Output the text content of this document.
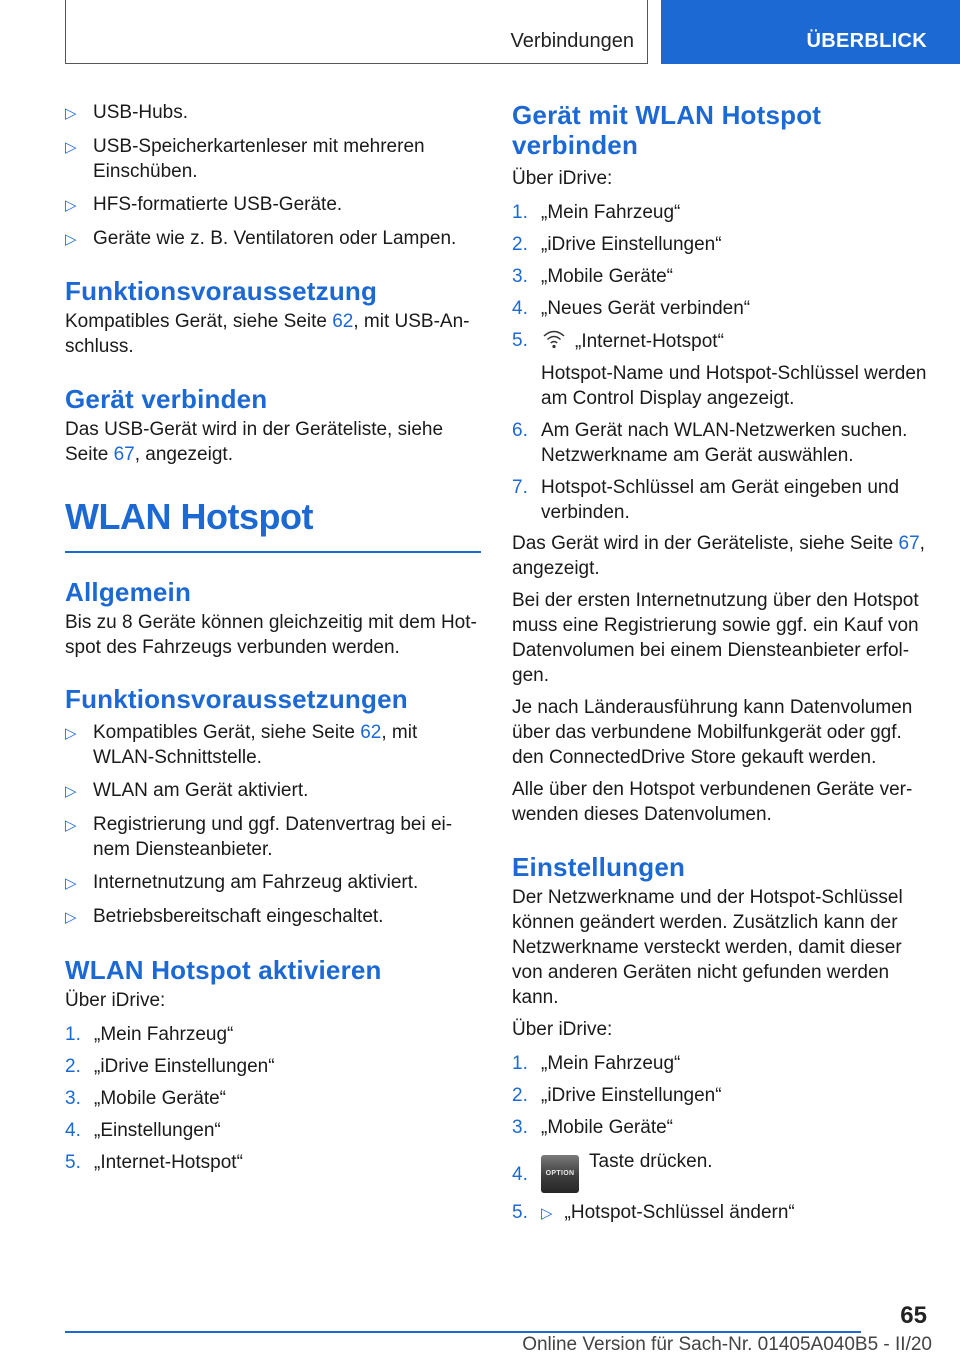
Verbindungen	ÜBERBLICK
▷ USB-Hubs.
▷ USB-Speicherkartenleser mit mehreren Einschüben.
▷ HFS-formatierte USB-Geräte.
▷ Geräte wie z. B. Ventilatoren oder Lampen.
Funktionsvoraussetzung

Kompatibles Gerät, siehe Seite 62, mit USB-Anschluss.

Gerät verbinden

Das USB-Gerät wird in der Geräteliste, siehe Seite 67, angezeigt.

WLAN Hotspot
Allgemein

Bis zu 8 Geräte können gleichzeitig mit dem Hotspot des Fahrzeugs verbunden werden.

Funktionsvoraussetzungen
▷ Kompatibles Gerät, siehe Seite 62, mit WLAN-Schnittstelle.
▷ WLAN am Gerät aktiviert.
▷ Registrierung und ggf. Datenvertrag bei einem Diensteanbieter.
▷ Internetnutzung am Fahrzeug aktiviert.
▷ Betriebsbereitschaft eingeschaltet.
WLAN Hotspot aktivieren

Über iDrive:

1. „Mein Fahrzeug“
2. „iDrive Einstellungen“
3. „Mobile Geräte“
4. „Einstellungen“
5. „Internet-Hotspot“
Gerät mit WLAN Hotspot verbinden

Über iDrive:

1. „Mein Fahrzeug“
2. „iDrive Einstellungen“
3. „Mobile Geräte“
4. „Neues Gerät verbinden“
5.	„Internet-Hotspot“
Hotspot-Name und Hotspot-Schlüssel werden am Control Display angezeigt.
6. Am Gerät nach WLAN-Netzwerken suchen.
Netzwerkname am Gerät auswählen.
7. Hotspot-Schlüssel am Gerät eingeben und verbinden.

Das Gerät wird in der Geräteliste, siehe Seite 67, angezeigt.

Bei der ersten Internetnutzung über den Hotspot muss eine Registrierung sowie ggf. ein Kauf von Datenvolumen bei einem Diensteanbieter erfolgen.

Je nach Länderausführung kann Datenvolumen über das verbundene Mobilfunkgerät oder ggf. den ConnectedDrive Store gekauft werden.

Alle über den Hotspot verbundenen Geräte verwenden dieses Datenvolumen.

Einstellungen

Der Netzwerkname und der Hotspot-Schlüssel können geändert werden. Zusätzlich kann der Netzwerkname versteckt werden, damit dieser von anderen Geräten nicht gefunden werden kann.

Über iDrive:

1. „Mein Fahrzeug“
2. „iDrive Einstellungen“
3. „Mobile Geräte“
4.	OPTIONTaste drücken.
5. ▷ „Hotspot-Schlüssel ändern“
65
Online Version für Sach-Nr. 01405A040B5 - II/20
